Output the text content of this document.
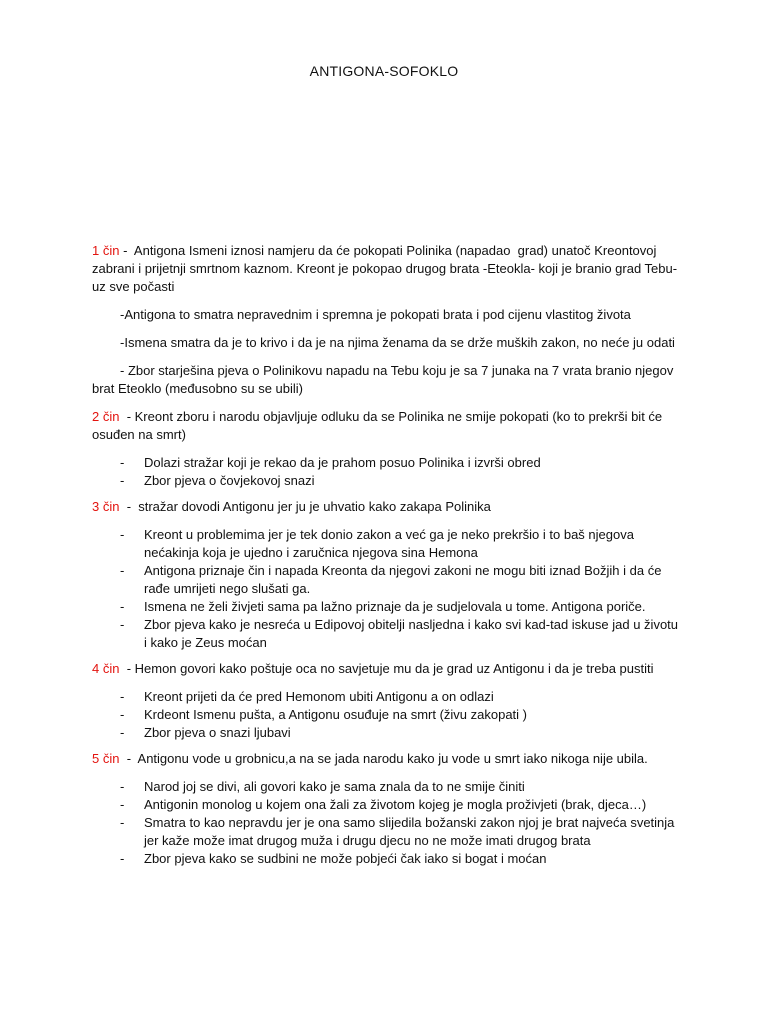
ANTIGONA-SOFOKLO

1 čin -  Antigona Ismeni iznosi namjeru da će pokopati Polinika (napadao  grad) unatoč Kreontovoj zabrani i prijetnji smrtnom kaznom. Kreont je pokopao drugog brata -Eteokla- koji je branio grad Tebu- uz sve počasti

-Antigona to smatra nepravednim i spremna je pokopati brata i pod cijenu vlastitog života

-Ismena smatra da je to krivo i da je na njima ženama da se drže muških zakon, no neće ju odati

- Zbor starješina pjeva o Polinikovu napadu na Tebu koju je sa 7 junaka na 7 vrata branio njegov brat Eteoklo (međusobno su se ubili)

2 čin  - Kreont zboru i narodu objavljuje odluku da se Polinika ne smije pokopati (ko to prekrši bit će osuđen na smrt)

- Dolazi stražar koji je rekao da je prahom posuo Polinika i izvrši obred
- Zbor pjeva o čovjekovoj snazi

3 čin  -  stražar dovodi Antigonu jer ju je uhvatio kako zakapa Polinika

- Kreont u problemima jer je tek donio zakon a već ga je neko prekršio i to baš njegova nećakinja koja je ujedno i zaručnica njegova sina Hemona
- Antigona priznaje čin i napada Kreonta da njegovi zakoni ne mogu biti iznad Božjih i da će rađe umrijeti nego slušati ga.
- Ismena ne želi živjeti sama pa lažno priznaje da je sudjelovala u tome. Antigona poriče.
- Zbor pjeva kako je nesreća u Edipovoj obitelji nasljedna i kako svi kad-tad iskuse jad u životu i kako je Zeus moćan

4 čin  - Hemon govori kako poštuje oca no savjetuje mu da je grad uz Antigonu i da je treba pustiti

- Kreont prijeti da će pred Hemonom ubiti Antigonu a on odlazi
- Krdeont Ismenu pušta, a Antigonu osuđuje na smrt (živu zakopati )
- Zbor pjeva o snazi ljubavi

5 čin  -  Antigonu vode u grobnicu,a na se jada narodu kako ju vode u smrt iako nikoga nije ubila.

- Narod joj se divi, ali govori kako je sama znala da to ne smije činiti
- Antigonin monolog u kojem ona žali za životom kojeg je mogla proživjeti (brak, djeca…)
- Smatra to kao nepravdu jer je ona samo slijedila božanski zakon njoj je brat najveća svetinja jer kaže može imat drugog muža i drugu djecu no ne može imati drugog brata
- Zbor pjeva kako se sudbini ne može pobjeći čak iako si bogat i moćan
